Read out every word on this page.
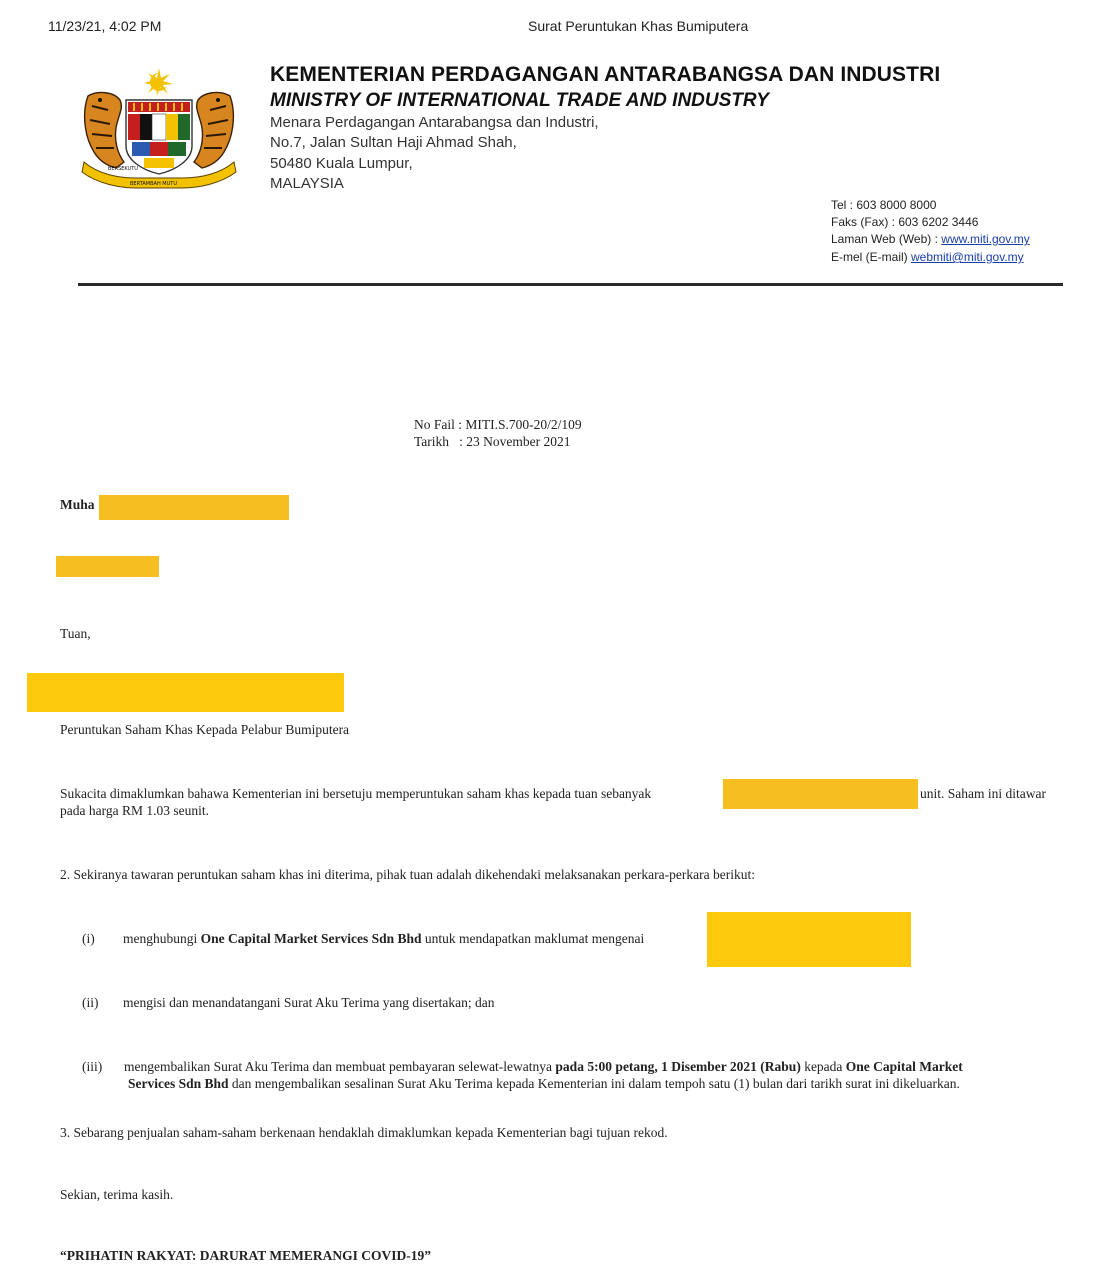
11/23/21, 4:02 PM	Surat Peruntukan Khas Bumiputera
BERSEKUTU
BERTAMBAH MUTU
KEMENTERIAN PERDAGANGAN ANTARABANGSA DAN INDUSTRI
MINISTRY OF INTERNATIONAL TRADE AND INDUSTRY
Menara Perdagangan Antarabangsa dan Industri,
No.7, Jalan Sultan Haji Ahmad Shah,
50480 Kuala Lumpur,
MALAYSIA
Tel : 603 8000 8000
Faks (Fax) : 603 6202 3446
Laman Web (Web) : www.miti.gov.my
E-mel (E-mail) webmiti@miti.gov.my
No Fail : MITI.S.700-20/2/109
Tarikh   : 23 November 2021
Muha
Tuan,
Peruntukan Saham Khas Kepada Pelabur Bumiputera
Sukacita dimaklumkan bahawa Kementerian ini bersetuju memperuntukan saham khas kepada tuan sebanyak	unit. Saham ini ditawar
pada harga RM 1.03 seunit.
2. Sekiranya tawaran peruntukan saham khas ini diterima, pihak tuan adalah dikehendaki melaksanakan perkara-perkara berikut:
(i) menghubungi One Capital Market Services Sdn Bhd untuk mendapatkan maklumat mengenai
(ii) mengisi dan menandatangani Surat Aku Terima yang disertakan; dan
(iii) mengembalikan Surat Aku Terima dan membuat pembayaran selewat-lewatnya pada 5:00 petang, 1 Disember 2021 (Rabu) kepada One Capital Market
Services Sdn Bhd dan mengembalikan sesalinan Surat Aku Terima kepada Kementerian ini dalam tempoh satu (1) bulan dari tarikh surat ini dikeluarkan.
3. Sebarang penjualan saham-saham berkenaan hendaklah dimaklumkan kepada Kementerian bagi tujuan rekod.
Sekian, terima kasih.
“PRIHATIN RAKYAT: DARURAT MEMERANGI COVID-19”
